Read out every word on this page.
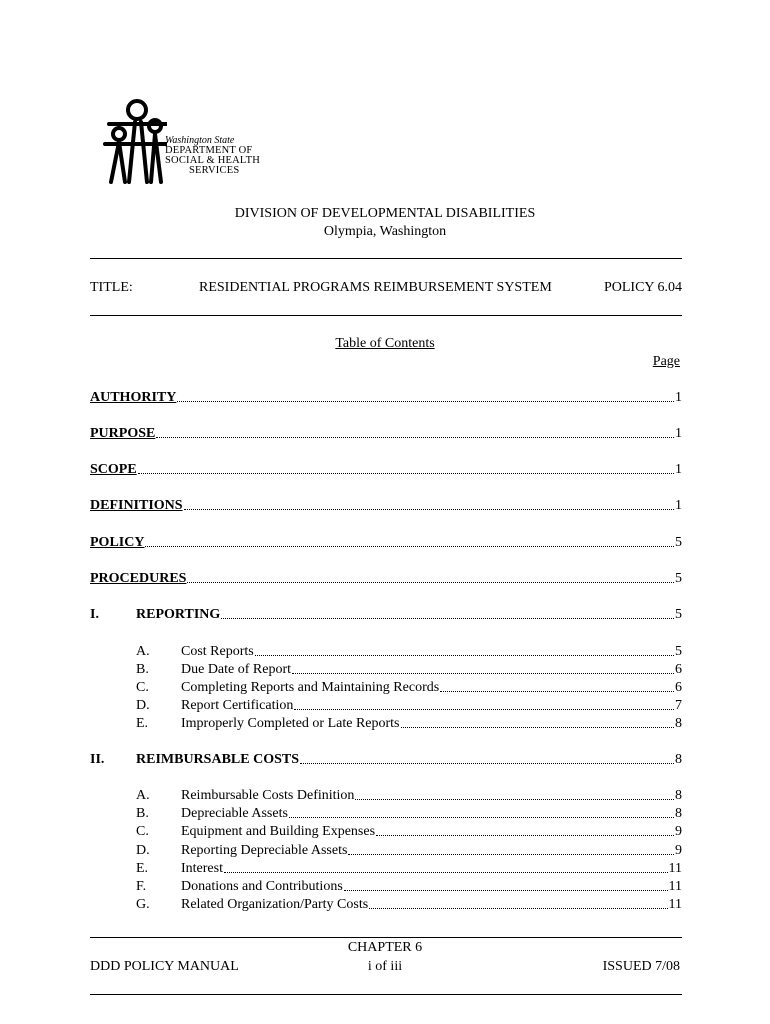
Washington State
DEPARTMENT OF
SOCIAL & HEALTH
SERVICES
DIVISION OF DEVELOPMENTAL DISABILITIES
Olympia, Washington
TITLE:	RESIDENTIAL PROGRAMS REIMBURSEMENT SYSTEM	POLICY 6.04
Table of Contents
Page
AUTHORITY	1
PURPOSE	1
SCOPE	1
DEFINITIONS	1
POLICY	5
PROCEDURES	5
I.	REPORTING	5
A. Cost Reports	5
B. Due Date of Report	6
C. Completing Reports and Maintaining Records	6
D. Report Certification	7
E. Improperly Completed or Late Reports	8
II. REIMBURSABLE COSTS	8
A. Reimbursable Costs Definition	8
B. Depreciable Assets	8
C. Equipment and Building Expenses	9
D. Reporting Depreciable Assets	9
E. Interest	11
F. Donations and Contributions	11
G. Related Organization/Party Costs	11
CHAPTER 6
i of iii
DDD POLICY MANUAL	ISSUED 7/08
